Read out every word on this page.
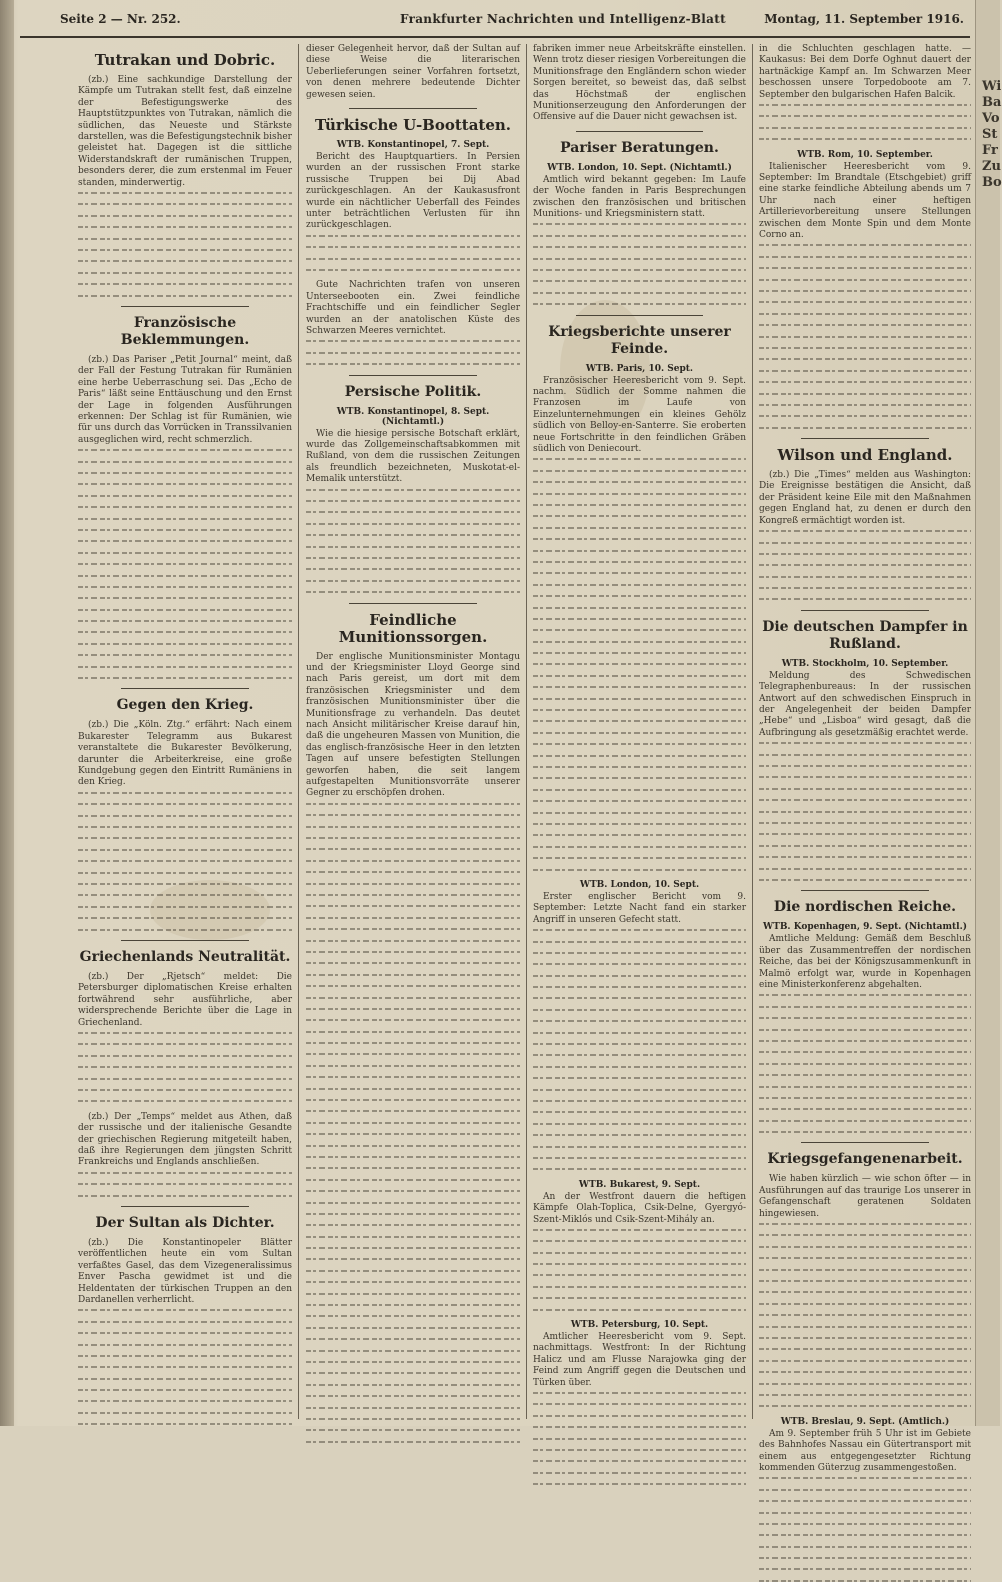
Seite 2 — Nr. 252.	Frankfurter Nachrichten und Intelligenz-Blatt	Montag, 11. September 1916.
Tutrakan und Dobric.

(zb.) Eine sachkundige Darstellung der Kämpfe um Tutrakan stellt fest, daß einzelne der Befestigungswerke des Hauptstützpunktes von Tutrakan, nämlich die südlichen, das Neueste und Stärkste darstellen, was die Befestigungstechnik bisher geleistet hat. Dagegen ist die sittliche Widerstandskraft der rumänischen Truppen, besonders derer, die zum erstenmal im Feuer standen, minderwertig.

Französische Beklemmungen.

(zb.) Das Pariser „Petit Journal“ meint, daß der Fall der Festung Tutrakan für Rumänien eine herbe Ueberraschung sei. Das „Echo de Paris“ läßt seine Enttäuschung und den Ernst der Lage in folgenden Ausführungen erkennen: Der Schlag ist für Rumänien, wie für uns durch das Vorrücken in Transsilvanien ausgeglichen wird, recht schmerzlich.

Gegen den Krieg.

(zb.) Die „Köln. Ztg.“ erfährt: Nach einem Bukarester Telegramm aus Bukarest veranstaltete die Bukarester Bevölkerung, darunter die Arbeiterkreise, eine große Kundgebung gegen den Eintritt Rumäniens in den Krieg.

Griechenlands Neutralität.

(zb.) Der „Rjetsch“ meldet: Die Petersburger diplomatischen Kreise erhalten fortwährend sehr ausführliche, aber widersprechende Berichte über die Lage in Griechenland.

(zb.) Der „Temps“ meldet aus Athen, daß der russische und der italienische Gesandte der griechischen Regierung mitgeteilt haben, daß ihre Regierungen dem jüngsten Schritt Frankreichs und Englands anschließen.

Der Sultan als Dichter.

(zb.) Die Konstantinopeler Blätter veröffentlichen heute ein vom Sultan verfaßtes Gasel, das dem Vizegeneralissimus Enver Pascha gewidmet ist und die Heldentaten der türkischen Truppen an den Dardanellen verherrlicht.

dieser Gelegenheit hervor, daß der Sultan auf diese Weise die literarischen Ueberlieferungen seiner Vorfahren fortsetzt, von denen mehrere bedeutende Dichter gewesen seien.

Türkische U-Boottaten.
WTB. Konstantinopel, 7. Sept.

Bericht des Hauptquartiers. In Persien wurden an der russischen Front starke russische Truppen bei Dij Abad zurückgeschlagen. An der Kaukasusfront wurde ein nächtlicher Ueberfall des Feindes unter beträchtlichen Verlusten für ihn zurückgeschlagen.

Gute Nachrichten trafen von unseren Unterseebooten ein. Zwei feindliche Frachtschiffe und ein feindlicher Segler wurden an der anatolischen Küste des Schwarzen Meeres vernichtet.

Persische Politik.
WTB. Konstantinopel, 8. Sept. (Nichtamtl.)

Wie die hiesige persische Botschaft erklärt, wurde das Zollgemeinschaftsabkommen mit Rußland, von dem die russischen Zeitungen als freundlich bezeichneten, Muskotat-el-Memalik unterstützt.

Feindliche Munitionssorgen.

Der englische Munitionsminister Montagu und der Kriegsminister Lloyd George sind nach Paris gereist, um dort mit dem französischen Kriegsminister und dem französischen Munitionsminister über die Munitionsfrage zu verhandeln. Das deutet nach Ansicht militärischer Kreise darauf hin, daß die ungeheuren Massen von Munition, die das englisch-französische Heer in den letzten Tagen auf unsere befestigten Stellungen geworfen haben, die seit langem aufgestapelten Munitionsvorräte unserer Gegner zu erschöpfen drohen.

fabriken immer neue Arbeitskräfte einstellen. Wenn trotz dieser riesigen Vorbereitungen die Munitionsfrage den Engländern schon wieder Sorgen bereitet, so beweist das, daß selbst das Höchstmaß der englischen Munitionserzeugung den Anforderungen der Offensive auf die Dauer nicht gewachsen ist.

Pariser Beratungen.
WTB. London, 10. Sept. (Nichtamtl.)

Amtlich wird bekannt gegeben: Im Laufe der Woche fanden in Paris Besprechungen zwischen den französischen und britischen Munitions- und Kriegsministern statt.

Kriegsberichte unserer Feinde.
WTB. Paris, 10. Sept.

Französischer Heeresbericht vom 9. Sept. nachm. Südlich der Somme nahmen die Franzosen im Laufe von Einzelunternehmungen ein kleines Gehölz südlich von Belloy-en-Santerre. Sie eroberten neue Fortschritte in den feindlichen Gräben südlich von Deniecourt.

WTB. London, 10. Sept.

Erster englischer Bericht vom 9. September: Letzte Nacht fand ein starker Angriff in unseren Gefecht statt.

WTB. Bukarest, 9. Sept.

An der Westfront dauern die heftigen Kämpfe Olah-Toplica, Csik-Delne, Gyergyó-Szent-Miklós und Csik-Szent-Mihály an.

WTB. Petersburg, 10. Sept.

Amtlicher Heeresbericht vom 9. Sept. nachmittags. Westfront: In der Richtung Halicz und am Flusse Narajowka ging der Feind zum Angriff gegen die Deutschen und Türken über.

in die Schluchten geschlagen hatte. — Kaukasus: Bei dem Dorfe Oghnut dauert der hartnäckige Kampf an. Im Schwarzen Meer beschossen unsere Torpedoboote am 7. September den bulgarischen Hafen Balcik.

WTB. Rom, 10. September.

Italienischer Heeresbericht vom 9. September: Im Brandtale (Etschgebiet) griff eine starke feindliche Abteilung abends um 7 Uhr nach einer heftigen Artillerievorbereitung unsere Stellungen zwischen dem Monte Spin und dem Monte Corno an.

Wilson und England.

(zb.) Die „Times“ melden aus Washington: Die Ereignisse bestätigen die Ansicht, daß der Präsident keine Eile mit den Maßnahmen gegen England hat, zu denen er durch den Kongreß ermächtigt worden ist.

Die deutschen Dampfer in Rußland.
WTB. Stockholm, 10. September.

Meldung des Schwedischen Telegraphenbureaus: In der russischen Antwort auf den schwedischen Einspruch in der Angelegenheit der beiden Dampfer „Hebe“ und „Lisboa“ wird gesagt, daß die Aufbringung als gesetzmäßig erachtet werde.

Die nordischen Reiche.
WTB. Kopenhagen, 9. Sept. (Nichtamtl.)

Amtliche Meldung: Gemäß dem Beschluß über das Zusammentreffen der nordischen Reiche, das bei der Königszusammenkunft in Malmö erfolgt war, wurde in Kopenhagen eine Ministerkonferenz abgehalten.

Kriegsgefangenenarbeit.

Wie haben kürzlich — wie schon öfter — in Ausführungen auf das traurige Los unserer in Gefangenschaft geratenen Soldaten hingewiesen.

WTB. Breslau, 9. Sept. (Amtlich.)

Am 9. September früh 5 Uhr ist im Gebiete des Bahnhofes Nassau ein Gütertransport mit einem aus entgegengesetzter Richtung kommenden Güterzug zusammengestoßen.

Wi
Ba
Vo
St
Fr
Zu
Bo
